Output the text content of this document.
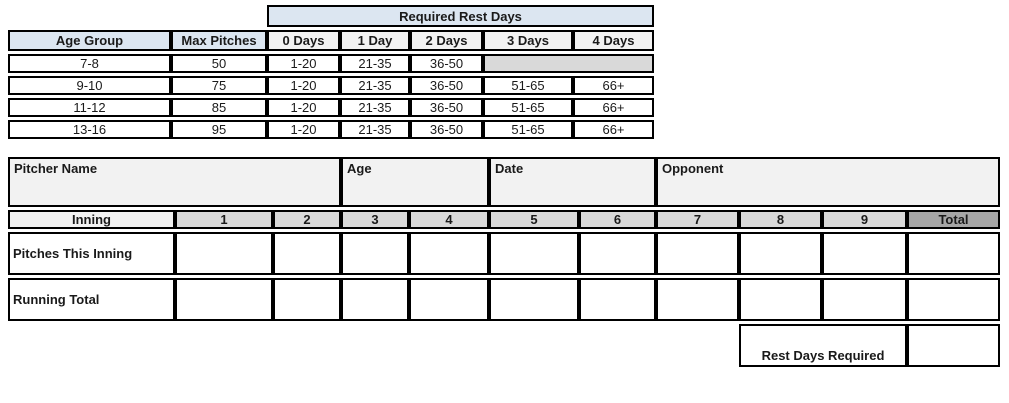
		Required Rest Days				
Age Group	Max Pitches	0 Days	1 Day	2 Days	3 Days	4 Days
7-8	50	1-20	21-35	36-50		
9-10	75	1-20	21-35	36-50	51-65	66+
11-12	85	1-20	21-35	36-50	51-65	66+
13-16	95	1-20	21-35	36-50	51-65	66+
Pitcher Name			Age		Date		Opponent			
Inning	1	2	3	4	5	6	7	8	9	Total
Pitches This Inning										
Running Total										
								Rest Days Required		
